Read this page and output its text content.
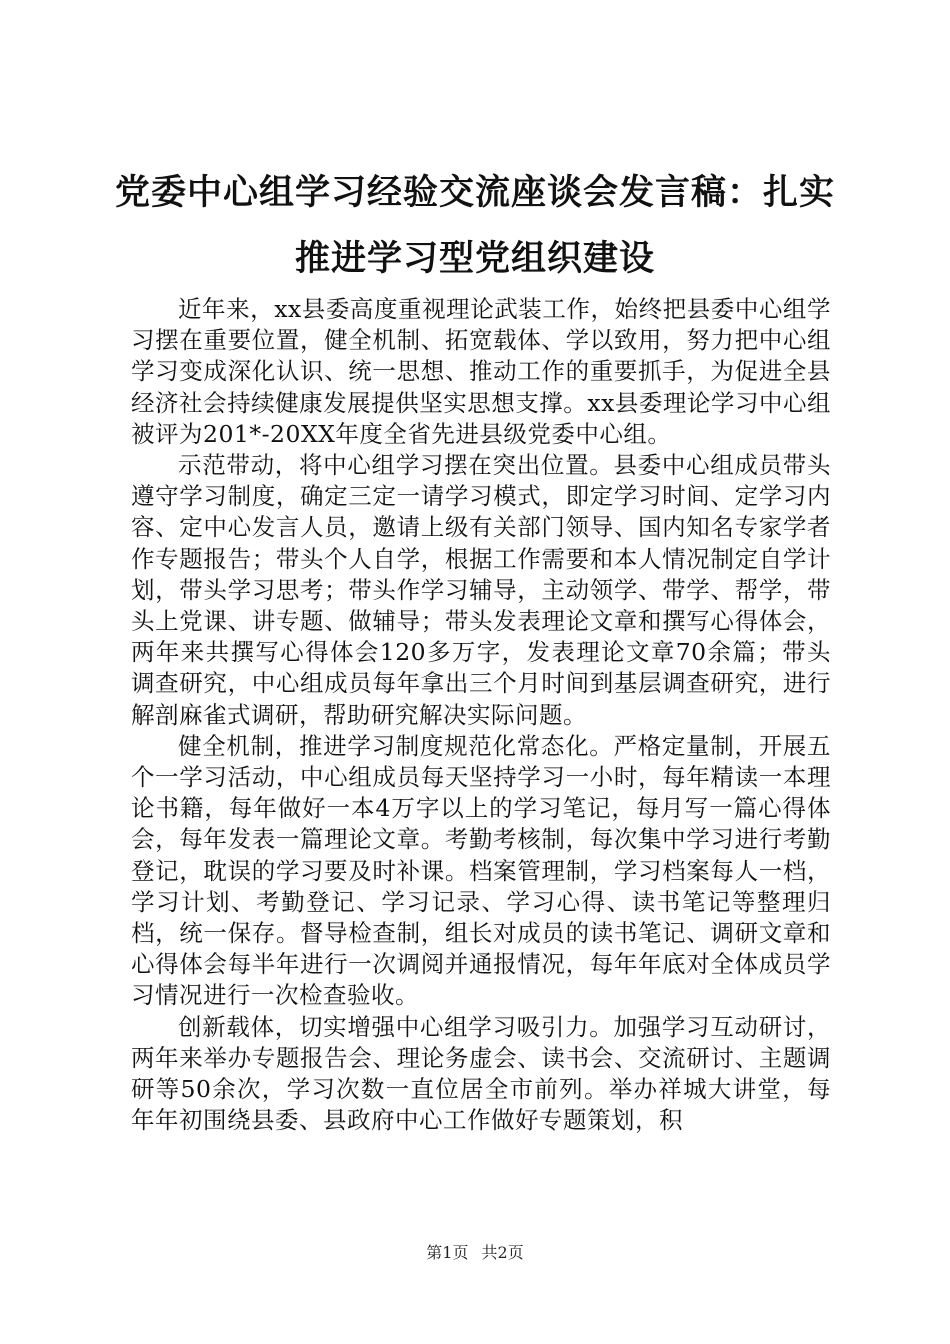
党委中心组学习经验交流座谈会发言稿：扎实
推进学习型党组织建设

近年来，xx县委高度重视理论武装工作，始终把县委中心组学习摆在重要位置，健全机制、拓宽载体、学以致用，努力把中心组学习变成深化认识、统一思想、推动工作的重要抓手，为促进全县经济社会持续健康发展提供坚实思想支撑。xx县委理论学习中心组被评为201*-20XX年度全省先进县级党委中心组。

示范带动，将中心组学习摆在突出位置。县委中心组成员带头遵守学习制度，确定三定一请学习模式，即定学习时间、定学习内容、定中心发言人员，邀请上级有关部门领导、国内知名专家学者作专题报告；带头个人自学，根据工作需要和本人情况制定自学计划，带头学习思考；带头作学习辅导，主动领学、带学、帮学，带头上党课、讲专题、做辅导；带头发表理论文章和撰写心得体会，两年来共撰写心得体会120多万字，发表理论文章70余篇；带头调查研究，中心组成员每年拿出三个月时间到基层调查研究，进行解剖麻雀式调研，帮助研究解决实际问题。

健全机制，推进学习制度规范化常态化。严格定量制，开展五个一学习活动，中心组成员每天坚持学习一小时，每年精读一本理论书籍，每年做好一本4万字以上的学习笔记，每月写一篇心得体会，每年发表一篇理论文章。考勤考核制，每次集中学习进行考勤登记，耽误的学习要及时补课。档案管理制，学习档案每人一档，学习计划、考勤登记、学习记录、学习心得、读书笔记等整理归档，统一保存。督导检查制，组长对成员的读书笔记、调研文章和心得体会每半年进行一次调阅并通报情况，每年年底对全体成员学习情况进行一次检查验收。

创新载体，切实增强中心组学习吸引力。加强学习互动研讨，两年来举办专题报告会、理论务虚会、读书会、交流研讨、主题调研等50余次，学习次数一直位居全市前列。举办祥城大讲堂，每年年初围绕县委、县政府中心工作做好专题策划，积

第1页 共2页
